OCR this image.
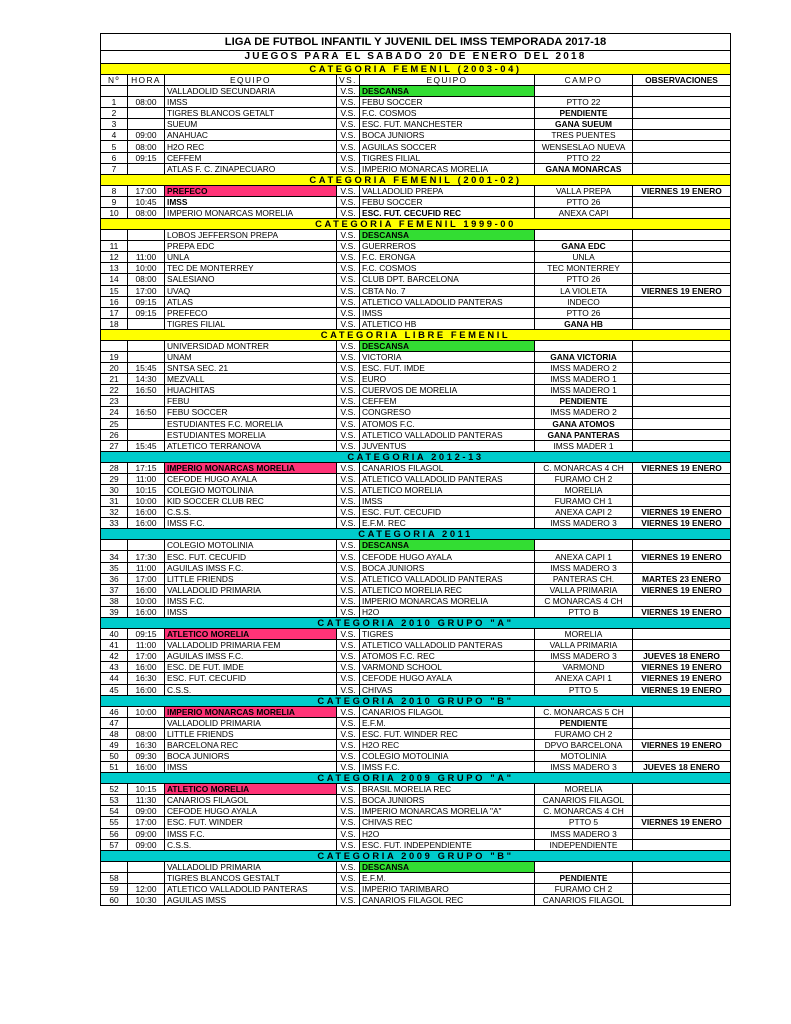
LIGA DE FUTBOL INFANTIL Y JUVENIL DEL IMSS TEMPORADA 2017-18						
JUEGOS PARA EL SABADO 20 DE ENERO DEL 2018						
CATEGORIA FEMENIL (2003-04)						
Nº	HORA	EQUIPO	VS.	EQUIPO	CAMPO	OBSERVACIONES
		VALLADOLID SECUNDARIA	V.S.	DESCANSA		
1	08:00	IMSS	V.S.	FEBU SOCCER	PTTO 22	
2		TIGRES BLANCOS GETALT	V.S.	F.C. COSMOS	PENDIENTE	
3		SUEUM	V.S.	ESC. FUT. MANCHESTER	GANA SUEUM	
4	09:00	ANAHUAC	V.S.	BOCA JUNIORS	TRES PUENTES	
5	08:00	H2O REC	V.S.	AGUILAS SOCCER	WENSESLAO NUEVA	
6	09:15	CEFFEM	V.S.	TIGRES FILIAL	PTTO 22	
7		ATLAS F. C. ZINAPECUARO	V.S.	IMPERIO MONARCAS MORELIA	GANA MONARCAS	
CATEGORIA FEMENIL (2001-02)						
8	17:00	PREFECO	V.S.	VALLADOLID PREPA	VALLA PREPA	VIERNES 19 ENERO
9	10:45	IMSS	V.S.	FEBU SOCCER	PTTO 26	
10	08:00	IMPERIO MONARCAS MORELIA	V.S.	ESC. FUT. CECUFID REC	ANEXA CAPI	
CATEGORIA FEMENIL 1999-00						
		LOBOS JEFFERSON PREPA	V.S.	DESCANSA		
11		PREPA EDC	V.S.	GUERREROS	GANA EDC	
12	11:00	UNLA	V.S.	F.C. ERONGA	UNLA	
13	10:00	TEC DE MONTERREY	V.S.	F.C. COSMOS	TEC MONTERREY	
14	08:00	SALESIANO	V.S.	CLUB DPT. BARCELONA	PTTO 26	
15	17:00	UVAQ	V.S.	CBTA No. 7	LA VIOLETA	VIERNES 19 ENERO
16	09:15	ATLAS	V.S.	ATLETICO VALLADOLID PANTERAS	INDECO	
17	09:15	PREFECO	V.S.	IMSS	PTTO 26	
18		TIGRES FILIAL	V.S.	ATLETICO HB	GANA HB	
CATEGORIA LIBRE FEMENIL						
		UNIVERSIDAD MONTRER	V.S.	DESCANSA		
19		UNAM	V.S.	VICTORIA	GANA VICTORIA	
20	15:45	SNTSA SEC. 21	V.S.	ESC. FUT. IMDE	IMSS MADERO 2	
21	14:30	MEZVALL	V.S.	EURO	IMSS MADERO 1	
22	16:50	HUACHITAS	V.S.	CUERVOS DE MORELIA	IMSS MADERO 1	
23		FEBU	V.S.	CEFFEM	PENDIENTE	
24	16:50	FEBU SOCCER	V.S.	CONGRESO	IMSS MADERO 2	
25		ESTUDIANTES F.C. MORELIA	V.S.	ATOMOS F.C.	GANA ATOMOS	
26		ESTUDIANTES MORELIA	V.S.	ATLETICO VALLADOLID PANTERAS	GANA PANTERAS	
27	15:45	ATLETICO TERRANOVA	V.S.	JUVENTUS	IMSS MADER 1	
CATEGORIA 2012-13						
28	17:15	IMPERIO MONARCAS MORELIA	V.S.	CANARIOS FILAGOL	C. MONARCAS 4 CH	VIERNES 19 ENERO
29	11:00	CEFODE HUGO AYALA	V.S.	ATLETICO VALLADOLID PANTERAS	FURAMO CH 2	
30	10:15	COLEGIO MOTOLINIA	V.S.	ATLETICO MORELIA	MORELIA	
31	10:00	KID SOCCER CLUB REC	V.S.	IMSS	FURAMO CH 1	
32	16:00	C.S.S.	V.S.	ESC. FUT. CECUFID	ANEXA CAPI 2	VIERNES 19 ENERO
33	16:00	IMSS F.C.	V.S.	E.F.M. REC	IMSS MADERO 3	VIERNES 19 ENERO
CATEGORIA 2011						
		COLEGIO MOTOLINIA	V.S.	DESCANSA		
34	17:30	ESC. FUT. CECUFID	V.S.	CEFODE HUGO AYALA	ANEXA CAPI 1	VIERNES 19 ENERO
35	11:00	AGUILAS IMSS F.C.	V.S.	BOCA JUNIORS	IMSS MADERO 3	
36	17:00	LITTLE FRIENDS	V.S.	ATLETICO VALLADOLID PANTERAS	PANTERAS CH.	MARTES 23 ENERO
37	16:00	VALLADOLID PRIMARIA	V.S.	ATLETICO MORELIA REC	VALLA PRIMARIA	VIERNES 19 ENERO
38	10:00	IMSS F.C.	V.S.	IMPERIO MONARCAS MORELIA	C MONARCAS 4 CH	
39	16:00	IMSS	V.S.	H2O	PTTO B	VIERNES 19 ENERO
CATEGORIA 2010 GRUPO "A"						
40	09:15	ATLETICO MORELIA	V.S.	TIGRES	MORELIA	
41	11:00	VALLADOLID PRIMARIA FEM	V.S.	ATLETICO VALLADOLID PANTERAS	VALLA PRIMARIA	
42	17:00	AGUILAS IMSS F.C.	V.S.	ATOMOS F.C. REC	IMSS MADERO 3	JUEVES 18 ENERO
43	16:00	ESC. DE FUT. IMDE	V.S.	VARMOND SCHOOL	VARMOND	VIERNES 19 ENERO
44	16:30	ESC. FUT. CECUFID	V.S.	CEFODE HUGO AYALA	ANEXA CAPI 1	VIERNES 19 ENERO
45	16:00	C.S.S.	V.S.	CHIVAS	PTTO 5	VIERNES 19 ENERO
CATEGORIA 2010 GRUPO "B"						
46	10:00	IMPERIO MONARCAS MORELIA	V.S.	CANARIOS FILAGOL	C. MONARCAS 5 CH	
47		VALLADOLID PRIMARIA	V.S.	E.F.M.	PENDIENTE	
48	08:00	LITTLE FRIENDS	V.S.	ESC. FUT. WINDER REC	FURAMO CH 2	
49	16:30	BARCELONA REC	V.S.	H2O REC	DPVO BARCELONA	VIERNES 19 ENERO
50	09:30	BOCA JUNIORS	V.S.	COLEGIO MOTOLINIA	MOTOLINIA	
51	16:00	IMSS	V.S.	IMSS F.C.	IMSS MADERO 3	JUEVES 18 ENERO
CATEGORIA 2009 GRUPO "A"						
52	10:15	ATLETICO MORELIA	V.S.	BRASIL MORELIA REC	MORELIA	
53	11:30	CANARIOS FILAGOL	V.S.	BOCA JUNIORS	CANARIOS FILAGOL	
54	09:00	CEFODE HUGO AYALA	V.S.	IMPERIO MONARCAS MORELIA "A"	C. MONARCAS 4 CH	
55	17:00	ESC. FUT. WINDER	V.S.	CHIVAS REC	PTTO 5	VIERNES 19 ENERO
56	09:00	IMSS F.C.	V.S.	H2O	IMSS MADERO 3	
57	09:00	C.S.S.	V.S.	ESC. FUT. INDEPENDIENTE	INDEPENDIENTE	
CATEGORIA 2009 GRUPO "B"						
		VALLADOLID PRIMARIA	V.S.	DESCANSA		
58		TIGRES BLANCOS GESTALT	V.S.	E.F.M.	PENDIENTE	
59	12:00	ATLETICO VALLADOLID PANTERAS	V.S.	IMPERIO TARIMBARO	FURAMO CH 2	
60	10:30	AGUILAS IMSS	V.S.	CANARIOS FILAGOL REC	CANARIOS FILAGOL	
